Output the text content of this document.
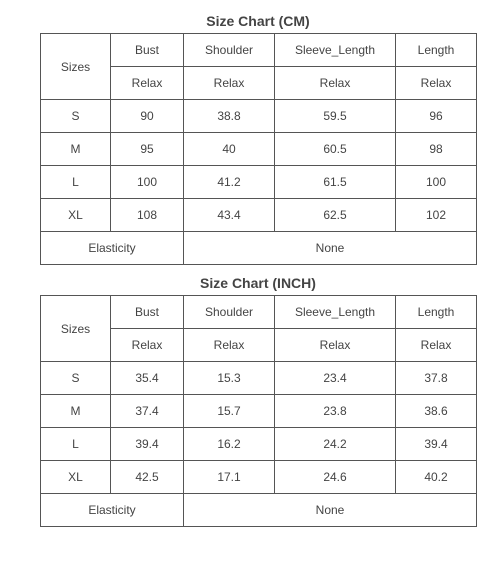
Size Chart (CM)
Sizes	Bust	Shoulder	Sleeve_Length	Length
	Relax	Relax	Relax	Relax
S	90	38.8	59.5	96
M	95	40	60.5	98
L	100	41.2	61.5	100
XL	108	43.4	62.5	102
Elasticity		None		
Size Chart (INCH)
Sizes	Bust	Shoulder	Sleeve_Length	Length
	Relax	Relax	Relax	Relax
S	35.4	15.3	23.4	37.8
M	37.4	15.7	23.8	38.6
L	39.4	16.2	24.2	39.4
XL	42.5	17.1	24.6	40.2
Elasticity		None		
